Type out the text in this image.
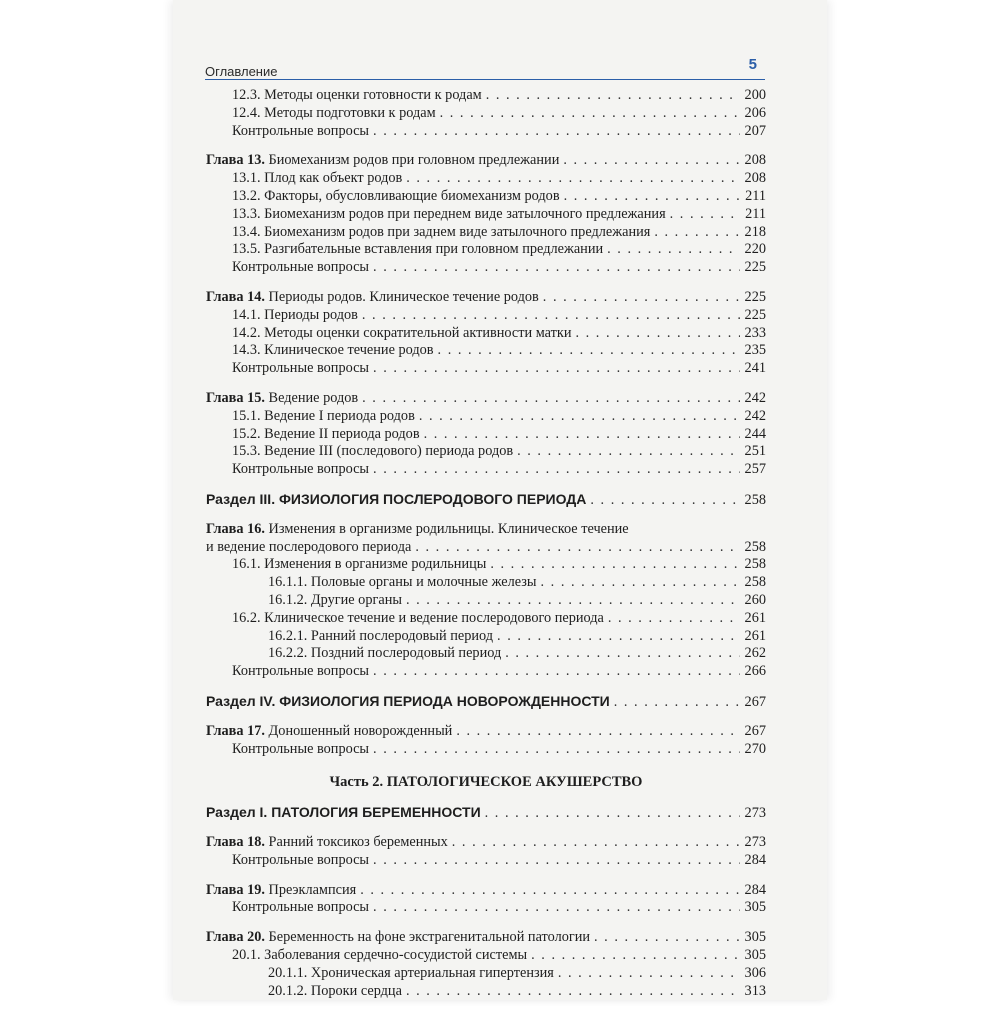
Оглавление	5
12.3. Методы оценки готовности к родам . . .	200
12.4. Методы подготовки к родам . . .	206
Контрольные вопросы . . .	207
Глава 13. Биомеханизм родов при головном предлежании . . .	208
13.1. Плод как объект родов . . .	208
13.2. Факторы, обусловливающие биомеханизм родов . . .	211
13.3. Биомеханизм родов при переднем виде затылочного предлежания . . .	211
13.4. Биомеханизм родов при заднем виде затылочного предлежания . . .	218
13.5. Разгибательные вставления при головном предлежании . . .	220
Контрольные вопросы . . .	225
Глава 14. Периоды родов. Клиническое течение родов . . .	225
14.1. Периоды родов . . .	225
14.2. Методы оценки сократительной активности матки . . .	233
14.3. Клиническое течение родов . . .	235
Контрольные вопросы . . .	241
Глава 15. Ведение родов . . .	242
15.1. Ведение I периода родов . . .	242
15.2. Ведение II периода родов . . .	244
15.3. Ведение III (последового) периода родов . . .	251
Контрольные вопросы . . .	257
Раздел III. ФИЗИОЛОГИЯ ПОСЛЕРОДОВОГО ПЕРИОДА . . .	258
Глава 16. Изменения в организме родильницы. Клиническое течение
и ведение послеродового периода . . .	258
16.1. Изменения в организме родильницы . . .	258
16.1.1. Половые органы и молочные железы . . .	258
16.1.2. Другие органы . . .	260
16.2. Клиническое течение и ведение послеродового периода . . .	261
16.2.1. Ранний послеродовый период . . .	261
16.2.2. Поздний послеродовый период . . .	262
Контрольные вопросы . . .	266
Раздел IV. ФИЗИОЛОГИЯ ПЕРИОДА НОВОРОЖДЕННОСТИ . . .	267
Глава 17. Доношенный новорожденный . . .	267
Контрольные вопросы . . .	270
Часть 2. ПАТОЛОГИЧЕСКОЕ АКУШЕРСТВО
Раздел I. ПАТОЛОГИЯ БЕРЕМЕННОСТИ . . .	273
Глава 18. Ранний токсикоз беременных . . .	273
Контрольные вопросы . . .	284
Глава 19. Преэклампсия . . .	284
Контрольные вопросы . . .	305
Глава 20. Беременность на фоне экстрагенитальной патологии . . .	305
20.1. Заболевания сердечно-сосудистой системы . . .	305
20.1.1. Хроническая артериальная гипертензия . . .	306
20.1.2. Пороки сердца . . .	313
